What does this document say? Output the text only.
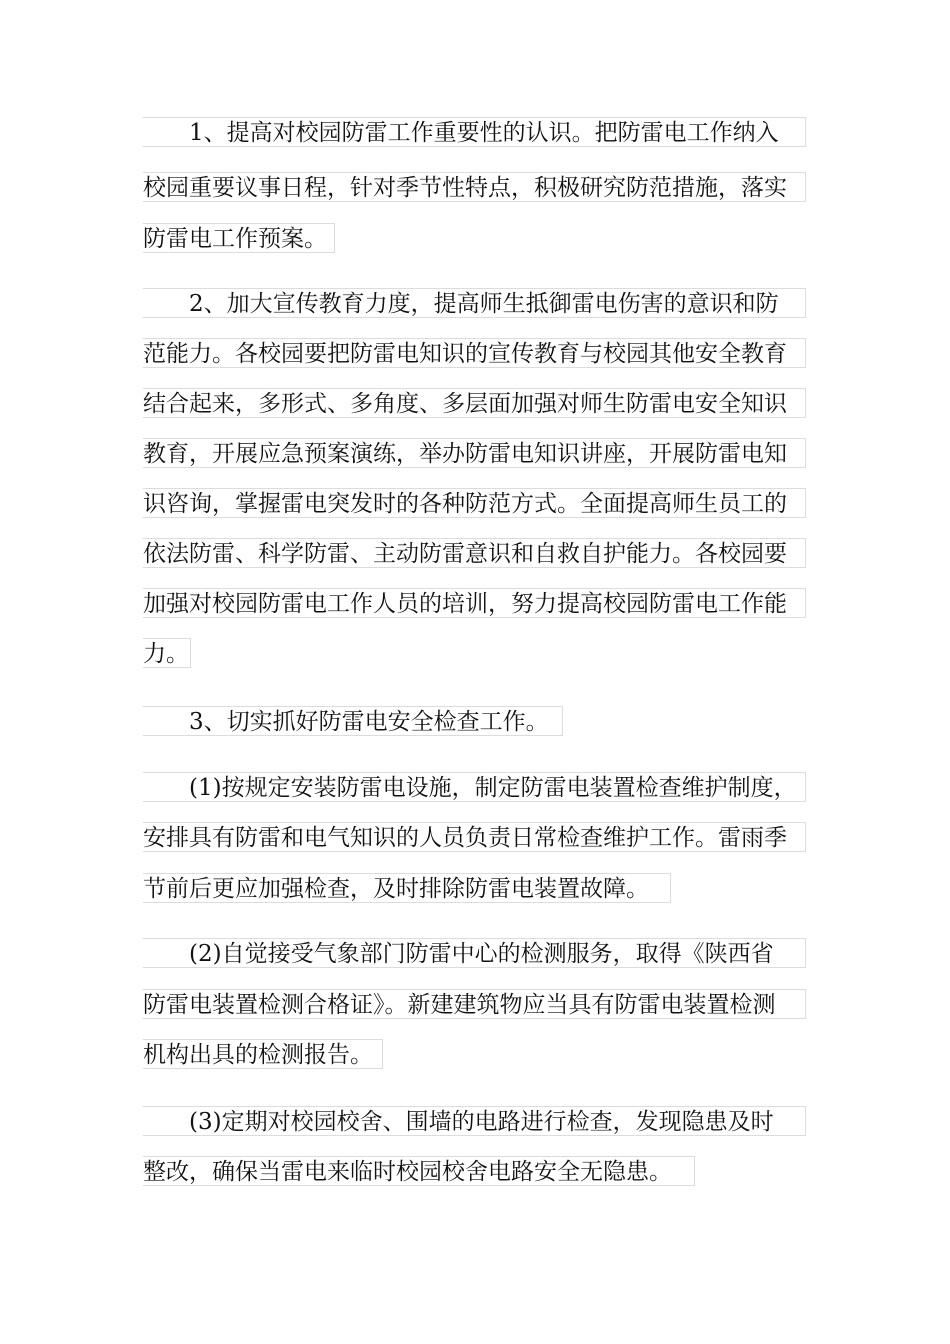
1、提高对校园防雷工作重要性的认识。把防雷电工作纳入
校园重要议事日程，针对季节性特点，积极研究防范措施，落实
防雷电工作预案。
2、加大宣传教育力度，提高师生抵御雷电伤害的意识和防
范能力。各校园要把防雷电知识的宣传教育与校园其他安全教育
结合起来，多形式、多角度、多层面加强对师生防雷电安全知识
教育，开展应急预案演练，举办防雷电知识讲座，开展防雷电知
识咨询，掌握雷电突发时的各种防范方式。全面提高师生员工的
依法防雷、科学防雷、主动防雷意识和自救自护能力。各校园要
加强对校园防雷电工作人员的培训，努力提高校园防雷电工作能
力。
3、切实抓好防雷电安全检查工作。
(1)按规定安装防雷电设施，制定防雷电装置检查维护制度，
安排具有防雷和电气知识的人员负责日常检查维护工作。雷雨季
节前后更应加强检查，及时排除防雷电装置故障。
(2)自觉接受气象部门防雷中心的检测服务，取得《陕西省
防雷电装置检测合格证》。新建建筑物应当具有防雷电装置检测
机构出具的检测报告。
(3)定期对校园校舍、围墙的电路进行检查，发现隐患及时
整改，确保当雷电来临时校园校舍电路安全无隐患。
